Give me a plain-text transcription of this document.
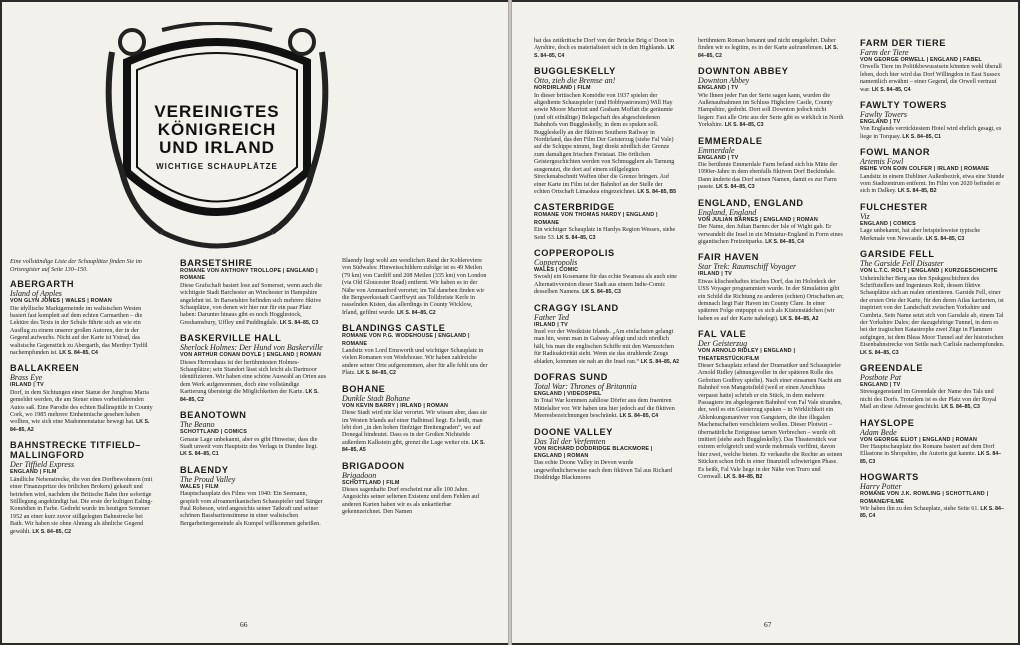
VEREINIGTES
KÖNIGREICH
UND IRLAND
WICHTIGE SCHAUPLÄTZE
Eine vollständige Liste der Schauplätze finden Sie im Ortsregister auf Seite 130–150.
ABERGARTH
Island of Apples
VON GLYN JONES | WALES | ROMAN
Die idyllische Marktgemeinde im walisischen Westen basiert fast komplett auf dem echten Carmarthen – die Lektüre des Texts in der Schule führte sich an wie ein Ausflug zu einem unserer großen Autoren, der in der Gegend aufwuchs. Nicht auf der Karte ist Ystrad, das walisische Gegenstück zu Abergarth, das Merthyr Tydfil nachempfunden ist. LK S. 84–85, C4
BALLAKREEN
Brass Eye
IRLAND | TV
Dorf, in dem Sichtungen einer Statue der Jungfrau Maria gemeldet werden, die am Steuer eines vorbeifahrenden Autos saß. Eine Parodie des echten Ballinspittle in County Cork, wo 1985 mehrere Einheimische gesehen haben wollten, wie sich eine Madonnenstatue bewegt hat. LK S. 84–85, A2
BAHNSTRECKE TITFIELD–MALLINGFORD
Der Tiffield Express
ENGLAND | FILM
Ländliche Nebenstrecke, die von den Dorfbewohnern (mit einer Finanzspritze des örtlichen Brokers) gekauft und betrieben wird, nachdem die Britische Bahn ihre sofortige Stilllegung angekündigt hat. Die erste der kultigen Ealing-Komödien in Farbe. Gedreht wurde im heutigen Sommer 1952 an einer kurz zuvor stillgelegten Bahnstrecke bei Bath. Wir haben sie ohne Ahnung als ähnliche Gegend gewählt. LK S. 84–85, C2
BARSETSHIRE
ROMANE VON ANTHONY TROLLOPE | ENGLAND | ROMANE
Diese Grafschaft basiert lose auf Somerset, wenn auch die wichtigste Stadt Barchester an Winchester in Hampshire angelehnt ist. In Barsetshire befinden sich mehrere fiktive Schauplätze, von denen wir hier nur für ein paar Platz haben: Darunter hinaus gibt es noch Hogglestock, Greshamsbury, Uffley und Puddingdale. LK S. 84–85, C3
BASKERVILLE HALL
Sherlock Holmes: Der Hund von Baskerville
VON ARTHUR CONAN DOYLE | ENGLAND | ROMAN
Dieses Herrenhaus ist der berühmtesten Holmes-Schauplätze; sein Standort lässt sich leicht als Dartmoor identifizieren. Wir haben eine schöne Auswahl an Orten aus dem Werk aufgenommen, doch eine vollständige Kartierung übersteigt die Möglichkeiten der Karte. LK S. 84–85, C2
BEANOTOWN
The Beano
SCHOTTLAND | COMICS
Genaue Lage unbekannt, aber es gibt Hinweise, dass die Stadt unweit vom Hauptsitz des Verlags in Dundee liegt. LK S. 84–85, C1
BLAENDY
The Proud Valley
WALES | FILM
Hauptschauplatz des Films von 1940: Ein Seemann, gespielt vom afroamerikanischen Schauspieler und Sänger Paul Robeson, wird angesichts seiner Tatkraft und seiner schönen Bassbaritonstimme in einer walisischen Bergarbeitergemeinde als Kumpel willkommen geheißen.
Blaendy liegt wohl am westlichen Rand der Kohlereviere von Südwales: Hinweisschildern zufolge ist es 49 Meilen (79 km) von Cardiff und 208 Meilen (335 km) von London (via Old Gloucester Road) entfernt. Wir haben es in der Nähe von Ammanford verortet; im Tal daneben finden wir die Bergwerksstadt Caerffwyti aus Tolldreiste Kerle in rasselnden Kisten, das allerdings in County Wicklow, Irland, gefilmt wurde. LK S. 84–85, C2
BLANDINGS CASTLE
ROMANE VON P.G. WODEHOUSE | ENGLAND | ROMANE
Landsitz von Lord Emsworth und wichtiger Schauplatz in vielen Romanen von Wodehouse. Wir haben zahlreiche andere seiner Orte aufgenommen, aber für alle fehlt uns der Platz. LK S. 84–85, C2
BOHANE
Dunkle Stadt Bohane
VON KEVIN BARRY | IRLAND | ROMAN
Diese Stadt wird nie klar verortet. Wir wissen aber, dass sie im Westen Irlands auf einer Halbinsel liegt. Es heißt, man lebt dort „in den hohen fünfziger Breitengraden“, wo auf Donegal hindeutet. Dass es in der Großen Nichtsöde außerdem Kalkstein gibt, grenzt die Lage weiter ein. LK S. 84–85, A5
BRIGADOON
Brigadoon
SCHOTTLAND | FILM
Dieses sagenhafte Dorf erscheint nur alle 100 Jahre. Angesichts seiner seltenen Existenz und dem Fehlen auf anderen Karten haben wir es als unkartierbar gekennzeichnet. Den Namen
66
hat das zeitkritische Dorf von der Brücke Brig o' Doon in Ayrshire, doch es materialisiert sich in den Highlands. LK S. 84–85, C4
BUGGLESKELLY
Otto, zieh die Bremse an!
NORDIRLAND | FILM
In dieser britischen Komödie von 1937 spielen der altgediente Schauspieler (und Hobbyastronom) Will Hay sowie Moore Marriott und Graham Moffatt die geräumte (und oft eifnältige) Belegschaft des abgeschiedenen Bahnhofs von Buggleskelly, in dem es spuken soll. Buggleskelly an der fiktiven Southern Railway in Nordirland, das den Film Der Geisterzug (siehe Fal Vale) auf die Schippe nimmt, liegt direkt nördlich der Grenze zum damaligen Irischen Freistaat. Die örtlichen Geistergeschichten werden von Schmugglern als Tarnung ausgenutzt, die dort auf einem stillgelegten Streckenabschnitt Waffen über die Grenze bringen. Auf einer Karte im Film ist der Bahnhof an der Stelle der echten Ortschaft Limaskea eingezeichnet. LK S. 84–85, B5
CASTERBRIDGE
ROMANE VON THOMAS HARDY | ENGLAND | ROMANE
Ein wichtiger Schauplatz in Hardys Region Wessex, siehe Seite 53. LK S. 84–85, C3
COPPEROPOLIS
Copperopolis
WALES | COMIC
Swosh) ein Kosename für das echte Swansea als auch eine Alternativversion dieser Stadt aus einem Indie-Comic desselben Namens. LK S. 84–85, C3
CRAGGY ISLAND
Father Ted
IRLAND | TV
Insel vor der Westküste Irlands. „Am einfachsten gelangt man hin, wenn man in Galway ablegt und sich nördlich hält, bis man die englischen Schiffe mit den Warnzeichen für Radioaktivität sieht. Wenn sie das strahlende Zeugs abladen, kommen sie nah an die Insel ran.“ LK S. 84–85, A2
DOFRAS SUND
Total War: Thrones of Britannia
ENGLAND | VIDEOSPIEL
In Total War kommen zahllose Dörfer aus dem fraentren Mittelalter vor. Wir haben uns hier jedoch auf die fiktiven Meeresbezeichnungen beschränkt. LK S. 84–85, C4
DOONE VALLEY
Das Tal der Verfemten
VON RICHARD DODDRIDGE BLACKMORE | ENGLAND | ROMAN
Das echte Doone Valley in Devon wurde ungewöhnlicherweise nach dem fiktiven Tal aus Richard Doddridge Blackmores
berühmtem Roman benannt und nicht umgekehrt. Daher finden wir es legitim, es in der Karte aufzunehmen. LK S. 84–85, C2
DOWNTON ABBEY
Downton Abbey
ENGLAND | TV
Wie Ihnen jeder Fan der Serie sagen kann, wurden die Außenaufnahmen im Schluss Highclere Castle, County Hampshire, gedreht. Dort soll Downton jedoch nicht liegen: Fast alle Orte aus der Serie gibt es wirklich in North Yorkshire. LK S. 84–85, C3
EMMERDALE
Emmerdale
ENGLAND | TV
Die berühmte Emmerdale Farm befand sich bis Mitte der 1990er-Jahre in dem ebenfalls fiktiven Dorf Beckindale. Dann änderte das Dorf seinen Namen, damit es zur Farm passte. LK S. 84–85, C3
ENGLAND, ENGLAND
England, England
VON JULIAN BARNES | ENGLAND | ROMAN
Der Name, den Julian Barnes der Isle of Wight gab. Er verwandelt die Insel in ein Miniatur-England in Form eines gigantischen Freizeitparks. LK S. 84–85, C4
FAIR HAVEN
Star Trek: Raumschiff Voyager
IRLAND | TV
Etwas klischeehaftes irisches Dorf, das im Holodeck der USS Voyager programmiert wurde. In der Simulation gibt ein Schild die Richtung zu anderen (echten) Ortschaften an; demnach liegt Fair Haven im County Clare. In einer späteren Folge entpuppt es sich als Küstenstädchen (wir haben es auf der Karte nahelegt). LK S. 84–85, A2
FAL VALE
Der Geisterzug
VON ARNOLD RIDLEY | ENGLAND | THEATERSTÜCK/FILM
Dieser Schauplatz erfand der Dramatiker und Schauspieler Arnold Ridley (ahnungsvoller in der späteren Rolle des Gefreiten Godfrey spielte). Nach einer einsamen Nacht am Bahnhof von Mangotsfield (weil er einen Anschluss verpasst hatte) schrieb er ein Stück, in dem mehrere Passagiere im abgelegenen Bahnhof von Fal Vale stranden, der, weil es ein Geisterzug spuken – in Wirklichkeit ein Ablenkungsmanöver von Gangstern, die ihre illegalen Machenschaften verschleiern wollen. Dieser Plotwirt – übernatürliche Ereignisse tarnen Verbrechen – wurde oft imitiert (siehe auch Buggleskelly). Das Theaterstück war extrem erfolgreich und wurde mehrmals verfilmt, davon hier zwei, welche bieten. Er verkaufte die Rechte an seinen Stücken schon früh in einer finanziell schwierigen Phase. Es heißt, Fal Vale liege in der Nähe von Truro und Cornwall. LK S. 84–85, B2
FARM DER TIERE
Farm der Tiere
VON GEORGE ORWELL | ENGLAND | FABEL
Orwells Tiere im Politikbewusstsein könnten wohl überall leben, doch hier wird das Dorf Willingdon in East Sussex namentlich erwähnt – einer Gegend, die Orwell vertraut war. LK S. 84–85, C4
FAWLTY TOWERS
Fawlty Towers
ENGLAND | TV
Von Englands verrücktestem Hotel wird ehrlich gesagt, es liege in Torquay. LK S. 84–85, C1
FOWL MANOR
Artemis Fowl
REIHE VON EOIN COLFER | IRLAND | ROMANE
Landsitz in einem Dubliner Außenbezirk, etwa eine Stunde vom Stadtzentrum entfernt. Im Film von 2020 befindet er sich in Dalkey. LK S. 84–85, B2
FULCHESTER
Viz
ENGLAND | COMICS
Lage unbekannt, hat aber beispielsweise typische Merkmale von Newcastle. LK S. 84–85, C3
GARSIDE FELL
The Garside Fell Disaster
VON L.T.C. ROLT | ENGLAND | KURZGESCHICHTE
Unheimlicher Berg aus den Spukgeschichten des Schriftstellers und Ingenieurs Rolt, dessen fiktive Schauplätze sich an realen orientieren. Garside Fell, einer der ersten Orte der Karte, für den deren Atlas kartierten, ist inspiriert von der Landschaft zwischen Yorkshire und Cumbria. Sein Name setzt sich von Garsdale ab, einem Tal der Yorkshire Dales; der dazugehörige Tunnel, in dem es bei der tragischen Katastrophe zwei Züge in Flammen aufgingen, ist dem Bleas Moor Tunnel auf der historischen Eisenbahnstrecke von Settle nach Carlisle nachempfunden. LK S. 84–85, C3
GREENDALE
Postbote Pat
ENGLAND | TV
Stressgegenstand im Greendale der Name des Tals und nicht des Dorfs. Trotzdem ist es der Platz von der Royal Mail an diese Adresse geschickt. LK S. 84–85, C3
HAYSLOPE
Adam Bede
VON GEORGE ELIOT | ENGLAND | ROMAN
Der Hauptschauplatz des Romans basiert auf dem Dorf Ellastone in Shropshire, die Autorin gut kannte. LK S. 84–85, C3
HOGWARTS
Harry Potter
ROMANE VON J.K. ROWLING | SCHOTTLAND | ROMANE/FILME
Wir haben ihn zu den Schauplatz, siehe Seite 61. LK S. 84–85, C4
67
